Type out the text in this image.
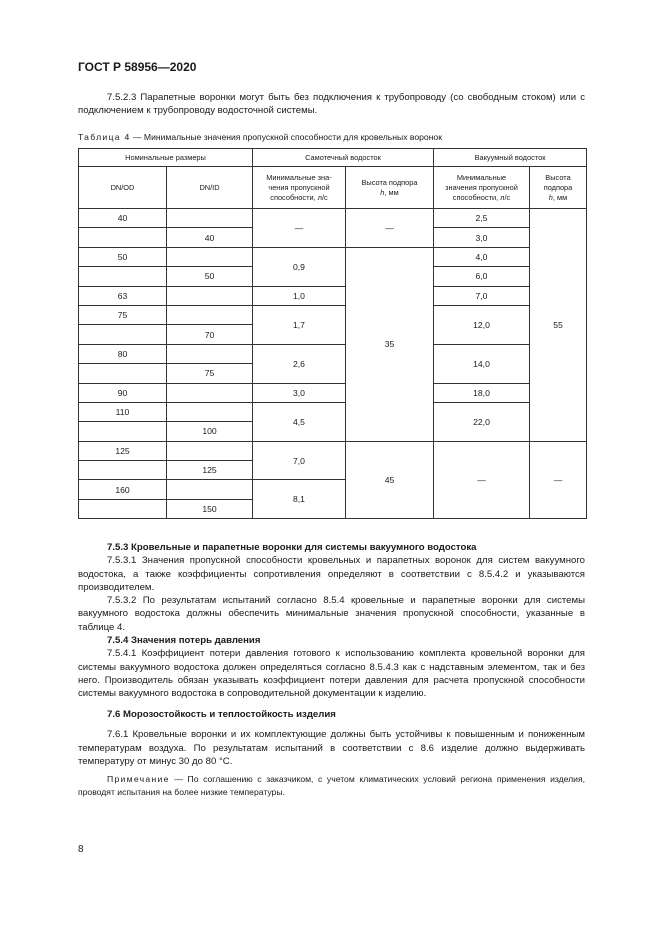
ГОСТ Р 58956—2020

7.5.2.3 Парапетные воронки могут быть без подключения к трубопроводу (со свободным стоком) или с подключением к трубопроводу водосточной системы.

Таблица 4 — Минимальные значения пропускной способности для кровельных воронок
Номинальные размеры		Самотечный водосток		Вакуумный водосток	
DN/OD	DN/ID	Минимальные зна-
чения пропускной
способности, л/с	Высота подпора
h, мм	Минимальные
значения пропускной
способности, л/с	Высота подпора
h, мм
40		—	—	2,5	55
	40			3,0	
50		0,9	35	4,0	
	50			6,0	
63		1,0		7,0	
75		1,7		12,0	
	70				
80		2,6		14,0	
	75				
90		3,0		18,0	
110		4,5		22,0	
	100				
125		7,0	45	—	—
	125				
160		8,1			
	150				
7.5.3 Кровельные и парапетные воронки для системы вакуумного водостока

7.5.3.1 Значения пропускной способности кровельных и парапетных воронок для систем вакуумного водостока, а также коэффициенты сопротивления определяют в соответствии с 8.5.4.2 и указываются производителем.

7.5.3.2 По результатам испытаний согласно 8.5.4 кровельные и парапетные воронки для системы вакуумного водостока должны обеспечить минимальные значения пропускной способности, указанные в таблице 4.

7.5.4 Значения потерь давления

7.5.4.1 Коэффициент потери давления готового к использованию комплекта кровельной воронки для системы вакуумного водостока должен определяться согласно 8.5.4.3 как с надставным элементом, так и без него. Производитель обязан указывать коэффициент потери давления для расчета пропускной способности системы вакуумного водостока в сопроводительной документации к изделию.

7.6 Морозостойкость и теплостойкость изделия

7.6.1 Кровельные воронки и их комплектующие должны быть устойчивы к повышенным и пониженным температурам воздуха. По результатам испытаний в соответствии с 8.6 изделие должно выдерживать температуру от минус 30 до 80 °С.

Примечание — По соглашению с заказчиком, с учетом климатических условий региона применения изделия, проводят испытания на более низкие температуры.

8
